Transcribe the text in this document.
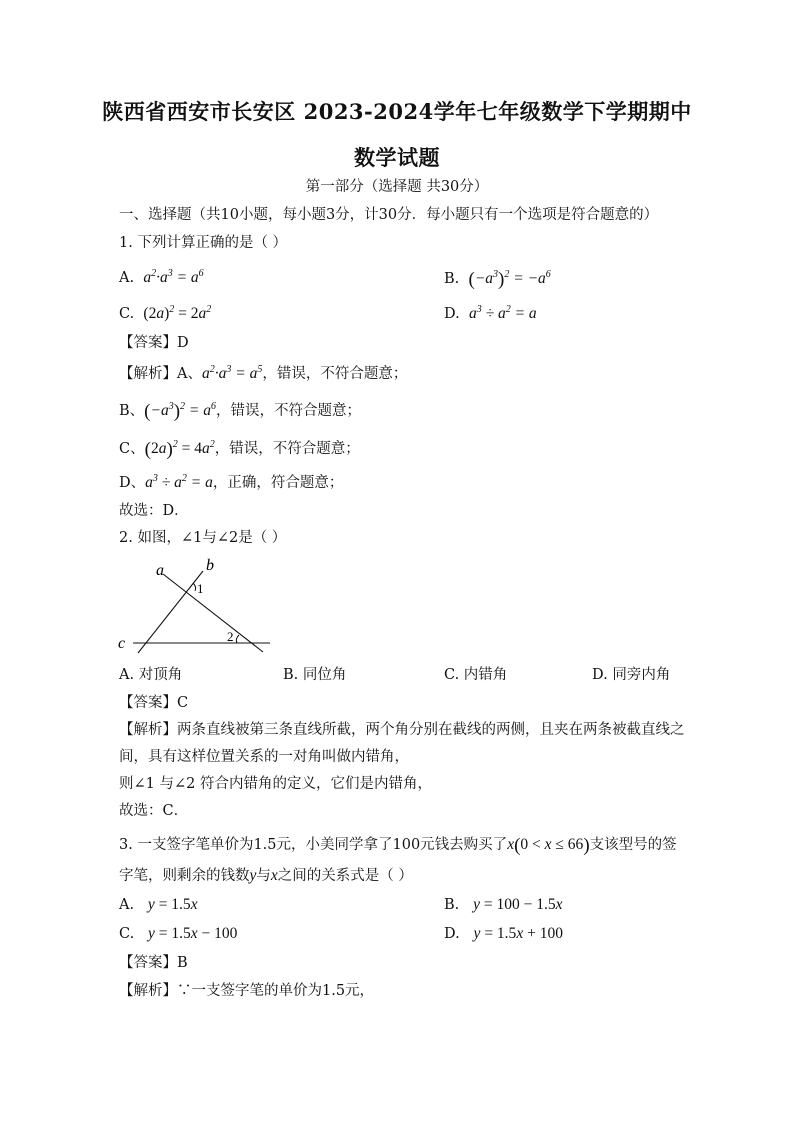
陕西省西安市长安区 2023-2024学年七年级数学下学期期中
数学试题
第一部分（选择题 共30分）
一、选择题（共10小题，每小题3分，计30分．每小题只有一个选项是符合题意的）
1. 下列计算正确的是（ ）
A. $a^2\cdot a^3 = a^6$	B. $(-a^3)^2 = -a^6$
C. $(2a)^2 = 2a^2$	D. $a^3 \div a^2 = a$
【答案】D
【解析】A、$a^2\cdot a^3 = a^5$，错误，不符合题意；
B、$(-a^3)^2 = a^6$，错误，不符合题意；
C、$(2a)^2 = 4a^2$，错误，不符合题意；
D、$a^3 \div a^2 = a$，正确，符合题意；
故选：D．
2. 如图，∠1与∠2是（ ）
a	b
c
1
2
A. 对顶角	B. 同位角	C. 内错角	D. 同旁内角
【答案】C
【解析】两条直线被第三条直线所截，两个角分别在截线的两侧，且夹在两条被截直线之
间，具有这样位置关系的一对角叫做内错角，
则∠1 与∠2 符合内错角的定义，它们是内错角，
故选：C．
3. 一支签字笔单价为1.5元，小美同学拿了100元钱去购买了x(0 < x ≤ 66)支该型号的签
字笔，则剩余的钱数y与x之间的关系式是（ ）
A. y = 1.5x	B. y = 100 − 1.5x
C. y = 1.5x − 100	D. y = 1.5x + 100
【答案】B
【解析】∵一支签字笔的单价为1.5元，
